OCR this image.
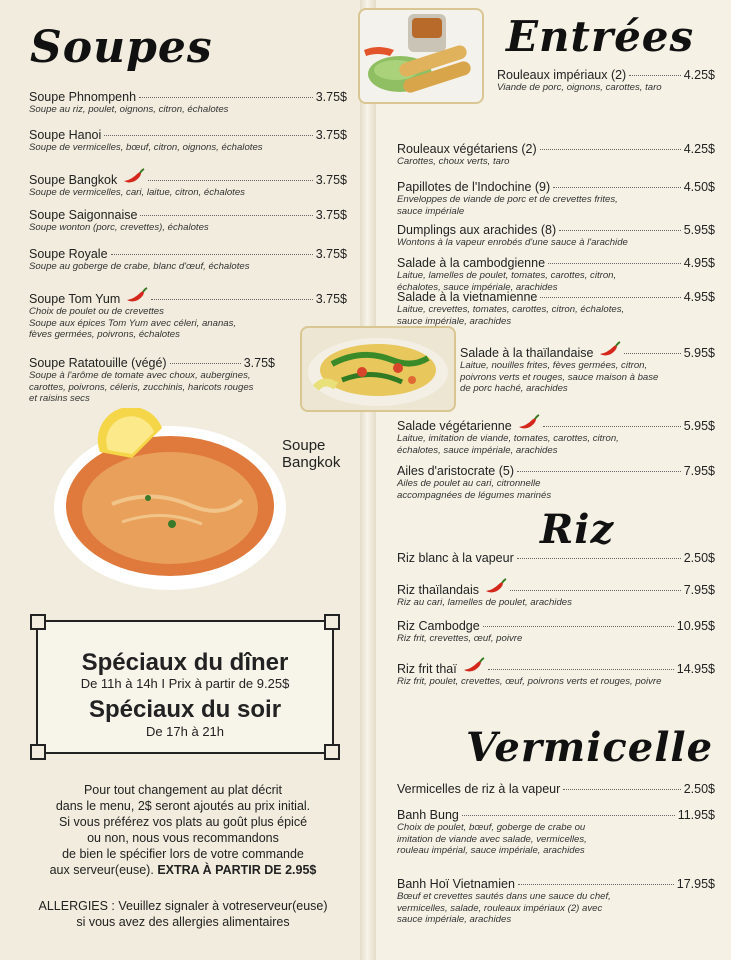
Soupes	Entrées
Riz
Vermicelle
Soupe
Bangkok
Soupe Phnompenh	3.75$
Soupe au riz, poulet, oignons, citron, échalotes
Soupe Hanoi	3.75$
Soupe de vermicelles, bœuf, citron, oignons, échalotes
Soupe Bangkok	3.75$
Soupe de vermicelles, cari, laitue, citron, échalotes
Soupe Saigonnaise	3.75$
Soupe wonton (porc, crevettes), échalotes
Soupe Royale	3.75$
Soupe au goberge de crabe, blanc d'œuf, échalotes
Soupe Tom Yum	3.75$
Choix de poulet ou de crevettes
Soupe aux épices Tom Yum avec céleri, ananas,
fèves germées, poivrons, échalotes
Soupe Ratatouille (végé)	3.75$
Soupe à l'arôme de tomate avec choux, aubergines,
carottes, poivrons, céleris, zucchinis, haricots rouges
et raisins secs
Rouleaux impériaux (2)	4.25$
Viande de porc, oignons, carottes, taro
Rouleaux végétariens (2)	4.25$
Carottes, choux verts, taro
Papillotes de l'Indochine (9)	4.50$
Enveloppes de viande de porc et de crevettes frites,
sauce impériale
Dumplings aux arachides (8)	5.95$
Wontons à la vapeur enrobés d'une sauce à l'arachide
Salade à la cambodgienne	4.95$
Laitue, lamelles de poulet, tomates, carottes, citron,
échalotes, sauce impériale, arachides
Salade à la vietnamienne	4.95$
Laitue, crevettes, tomates, carottes, citron, échalotes,
sauce impériale, arachides
Salade à la thaïlandaise	5.95$
Laitue, nouilles frites, fèves germées, citron,
poivrons verts et rouges, sauce maison à base
de porc haché, arachides
Salade végétarienne	5.95$
Laitue, imitation de viande, tomates, carottes, citron,
échalotes, sauce impériale, arachides
Ailes d'aristocrate (5)	7.95$
Ailes de poulet au cari, citronnelle
accompagnées de légumes marinés
Riz blanc à la vapeur	2.50$
Riz thaïlandais	7.95$
Riz au cari, lamelles de poulet, arachides
Riz Cambodge	10.95$
Riz frit, crevettes, œuf, poivre
Riz frit thaï	14.95$
Riz frit, poulet, crevettes, œuf, poivrons verts et rouges, poivre
Vermicelles de riz à la vapeur	2.50$
Banh Bung	11.95$
Choix de poulet, bœuf, goberge de crabe ou
imitation de viande avec salade, vermicelles,
rouleau impérial, sauce impériale, arachides
Banh Hoï Vietnamien	17.95$
Bœuf et crevettes sautés dans une sauce du chef,
vermicelles, salade, rouleaux impériaux (2) avec
sauce impériale, arachides
Spéciaux du dîner
De 11h à 14h I Prix à partir de 9.25$
Spéciaux du soir
De 17h à 21h
Pour tout changement au plat décrit
dans le menu, 2$ seront ajoutés au prix initial.
Si vous préférez vos plats au goût plus épicé
ou non, nous vous recommandons
de bien le spécifier lors de votre commande
aux serveur(euse). EXTRA À PARTIR DE 2.95$
ALLERGIES : Veuillez signaler à votreserveur(euse)
si vous avez des allergies alimentaires
